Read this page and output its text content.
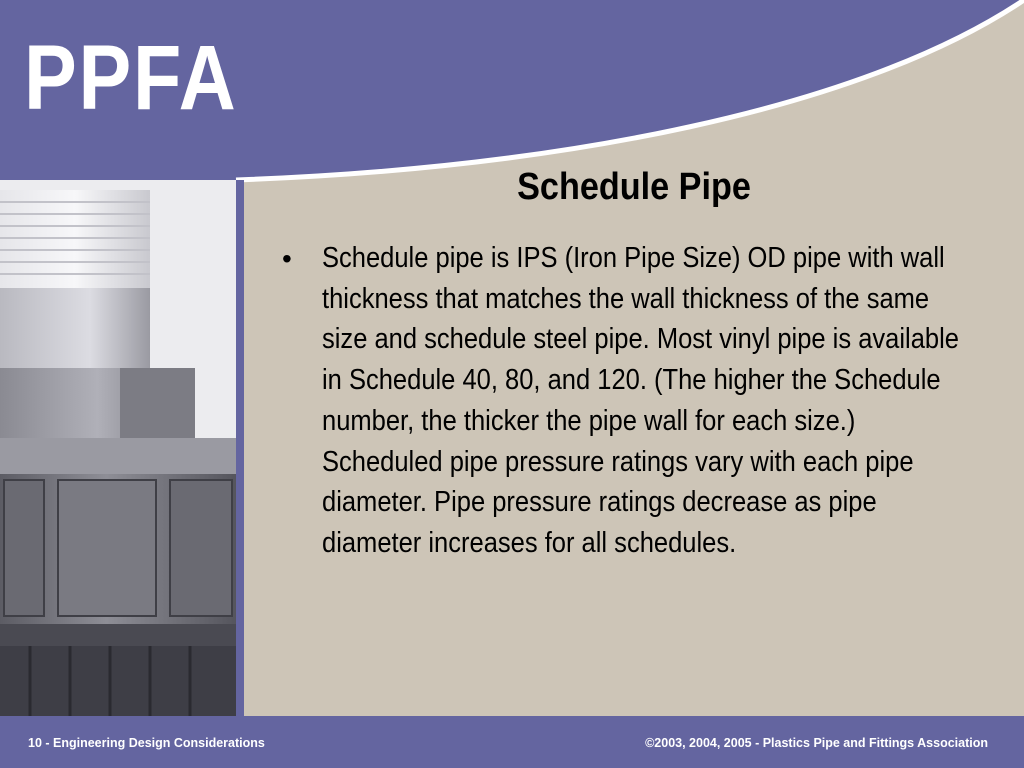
PPFA
Schedule Pipe
• Schedule pipe is IPS (Iron Pipe Size) OD pipe with wall thickness that matches the wall thickness of the same size and schedule steel pipe. Most vinyl pipe is available in Schedule 40, 80, and 120. (The higher the Schedule number, the thicker the pipe wall for each size.) Scheduled pipe pressure ratings vary with each pipe diameter. Pipe pressure ratings decrease as pipe diameter increases for all schedules.

10 - Engineering Design Considerations	©2003, 2004, 2005 - Plastics Pipe and Fittings Association
